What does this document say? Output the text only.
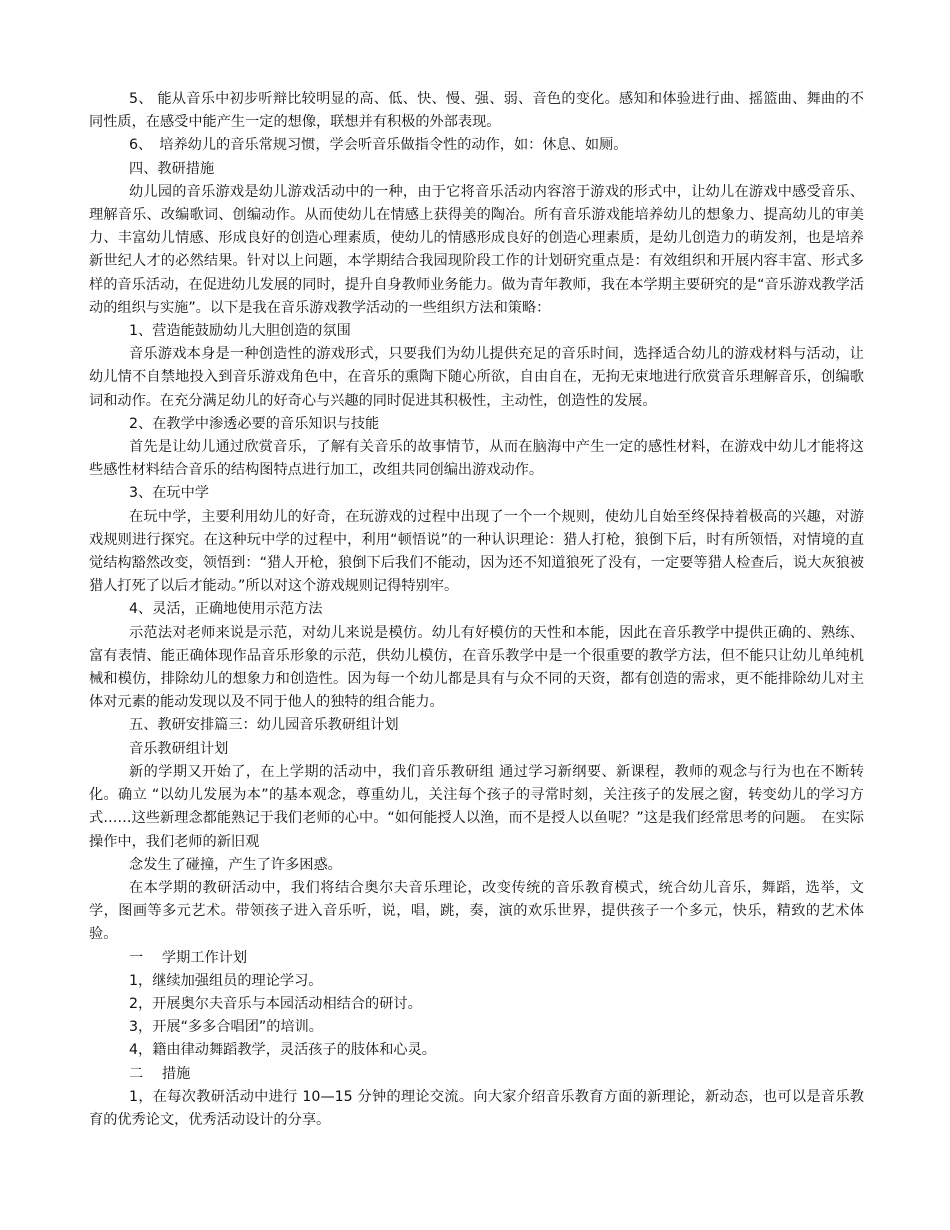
5、 能从音乐中初步听辩比较明显的高、低、快、慢、强、弱、音色的变化。感知和体验进行曲、摇篮曲、舞曲的不同性质，在感受中能产生一定的想像，联想并有积极的外部表现。

6、　培养幼儿的音乐常规习惯，学会听音乐做指令性的动作，如：休息、如厕。

四、教研措施

幼儿园的音乐游戏是幼儿游戏活动中的一种，由于它将音乐活动内容溶于游戏的形式中，让幼儿在游戏中感受音乐、理解音乐、改编歌词、创编动作。从而使幼儿在情感上获得美的陶冶。所有音乐游戏能培养幼儿的想象力、提高幼儿的审美力、丰富幼儿情感、形成良好的创造心理素质，使幼儿的情感形成良好的创造心理素质，是幼儿创造力的萌发剂，也是培养新世纪人才的必然结果。针对以上问题，本学期结合我园现阶段工作的计划研究重点是：有效组织和开展内容丰富、形式多样的音乐活动，在促进幼儿发展的同时，提升自身教师业务能力。做为青年教师，我在本学期主要研究的是“音乐游戏教学活动的组织与实施”。以下是我在音乐游戏教学活动的一些组织方法和策略：

1、营造能鼓励幼儿大胆创造的氛围

音乐游戏本身是一种创造性的游戏形式，只要我们为幼儿提供充足的音乐时间，选择适合幼儿的游戏材料与活动，让幼儿情不自禁地投入到音乐游戏角色中，在音乐的熏陶下随心所欲，自由自在，无拘无束地进行欣赏音乐理解音乐，创编歌词和动作。在充分满足幼儿的好奇心与兴趣的同时促进其积极性，主动性，创造性的发展。

2、在教学中渗透必要的音乐知识与技能

首先是让幼儿通过欣赏音乐，了解有关音乐的故事情节，从而在脑海中产生一定的感性材料，在游戏中幼儿才能将这些感性材料结合音乐的结构图特点进行加工，改组共同创编出游戏动作。

3、在玩中学

在玩中学，主要利用幼儿的好奇，在玩游戏的过程中出现了一个一个规则，使幼儿自始至终保持着极高的兴趣，对游戏规则进行探究。在这种玩中学的过程中，利用“顿悟说”的一种认识理论：猎人打枪，狼倒下后，时有所领悟，对情境的直觉结构豁然改变，领悟到：“猎人开枪，狼倒下后我们不能动，因为还不知道狼死了没有，一定要等猎人检查后，说大灰狼被猎人打死了以后才能动。”所以对这个游戏规则记得特别牢。

4、灵活，正确地使用示范方法

示范法对老师来说是示范，对幼儿来说是模仿。幼儿有好模仿的天性和本能，因此在音乐教学中提供正确的、熟练、富有表情、能正确体现作品音乐形象的示范，供幼儿模仿，在音乐教学中是一个很重要的教学方法，但不能只让幼儿单纯机械和模仿，排除幼儿的想象力和创造性。因为每一个幼儿都是具有与众不同的天资，都有创造的需求，更不能排除幼儿对主体对元素的能动发现以及不同于他人的独特的组合能力。

五、教研安排篇三：幼儿园音乐教研组计划

音乐教研组计划

新的学期又开始了，在上学期的活动中，我们音乐教研组 通过学习新纲要、新课程，教师的观念与行为也在不断转化。确立 “以幼儿发展为本”的基本观念，尊重幼儿，关注每个孩子的寻常时刻，关注孩子的发展之窗，转变幼儿的学习方式……这些新理念都能熟记于我们老师的心中。“如何能授人以渔，而不是授人以鱼呢？”这是我们经常思考的问题。　在实际操作中，我们老师的新旧观

念发生了碰撞，产生了许多困惑。

在本学期的教研活动中，我们将结合奥尔夫音乐理论，改变传统的音乐教育模式，统合幼儿音乐，舞蹈，选举，文学，图画等多元艺术。带领孩子进入音乐听，说，唱，跳，奏，演的欢乐世界，提供孩子一个多元，快乐，精致的艺术体验。

一　 学期工作计划

1，继续加强组员的理论学习。

2，开展奥尔夫音乐与本园活动相结合的研讨。

3，开展“多多合唱团”的培训。

4，籍由律动舞蹈教学，灵活孩子的肢体和心灵。

二　 措施

1，在每次教研活动中进行 10—15 分钟的理论交流。向大家介绍音乐教育方面的新理论，新动态，也可以是音乐教育的优秀论文，优秀活动设计的分享。
